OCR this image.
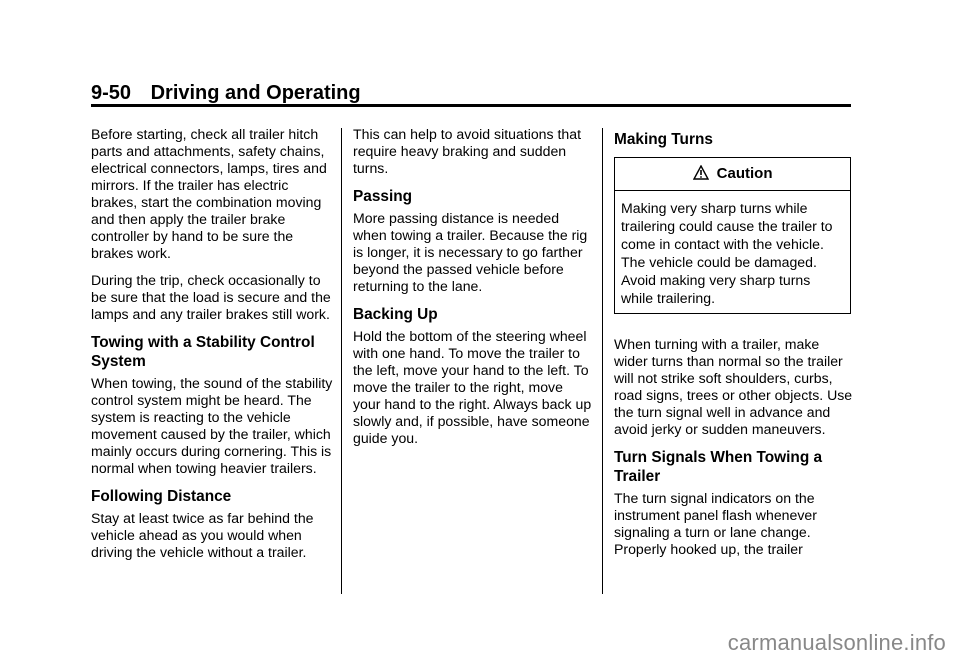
9-50 Driving and Operating

Before starting, check all trailer hitch parts and attachments, safety chains, electrical connectors, lamps, tires and mirrors. If the trailer has electric brakes, start the combination moving and then apply the trailer brake controller by hand to be sure the brakes work.

During the trip, check occasionally to be sure that the load is secure and the lamps and any trailer brakes still work.

Towing with a Stability Control System

When towing, the sound of the stability control system might be heard. The system is reacting to the vehicle movement caused by the trailer, which mainly occurs during cornering. This is normal when towing heavier trailers.

Following Distance

Stay at least twice as far behind the vehicle ahead as you would when driving the vehicle without a trailer.

This can help to avoid situations that require heavy braking and sudden turns.

Passing

More passing distance is needed when towing a trailer. Because the rig is longer, it is necessary to go farther beyond the passed vehicle before returning to the lane.

Backing Up

Hold the bottom of the steering wheel with one hand. To move the trailer to the left, move your hand to the left. To move the trailer to the right, move your hand to the right. Always back up slowly and, if possible, have someone guide you.

Making Turns
Caution
Making very sharp turns while trailering could cause the trailer to come in contact with the vehicle. The vehicle could be damaged. Avoid making very sharp turns while trailering.

When turning with a trailer, make wider turns than normal so the trailer will not strike soft shoulders, curbs, road signs, trees or other objects. Use the turn signal well in advance and avoid jerky or sudden maneuvers.

Turn Signals When Towing a Trailer

The turn signal indicators on the instrument panel flash whenever signaling a turn or lane change. Properly hooked up, the trailer

carmanualsonline.info
